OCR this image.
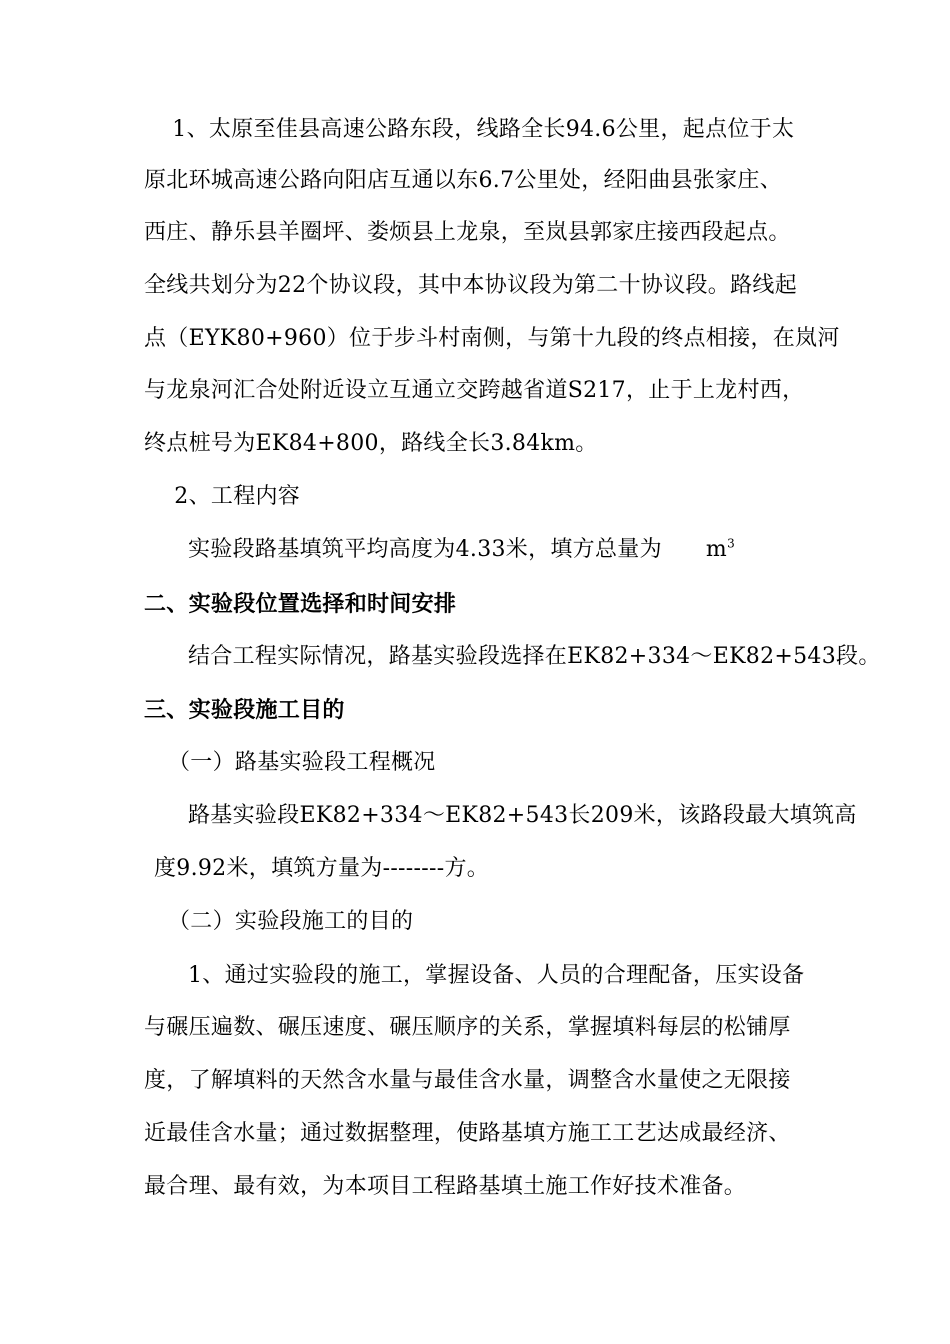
　1、太原至佳县高速公路东段，线路全长94.6公里，起点位于太
原北环城高速公路向阳店互通以东6.7公里处，经阳曲县张家庄、
西庄、静乐县羊圈坪、娄烦县上龙泉，至岚县郭家庄接西段起点。
全线共划分为22个协议段，其中本协议段为第二十协议段。路线起
点（EYK80+960）位于步斗村南侧，与第十九段的终点相接，在岚河
与龙泉河汇合处附近设立互通立交跨越省道S217，止于上龙村西，
终点桩号为EK84+800，路线全长3.84km。
　2、工程内容
实验段路基填筑平均高度为4.33米，填方总量为 $m^3$
二、实验段位置选择和时间安排
结合工程实际情况，路基实验段选择在EK82+334～EK82+543段。
三、实验段施工目的
（一）路基实验段工程概况
路基实验段EK82+334～EK82+543长209米，该路段最大填筑高
度9.92米，填筑方量为--------方。
（二）实验段施工的目的
1、通过实验段的施工，掌握设备、人员的合理配备，压实设备
与碾压遍数、碾压速度、碾压顺序的关系，掌握填料每层的松铺厚
度，了解填料的天然含水量与最佳含水量，调整含水量使之无限接
近最佳含水量；通过数据整理，使路基填方施工工艺达成最经济、
最合理、最有效，为本项目工程路基填土施工作好技术准备。
